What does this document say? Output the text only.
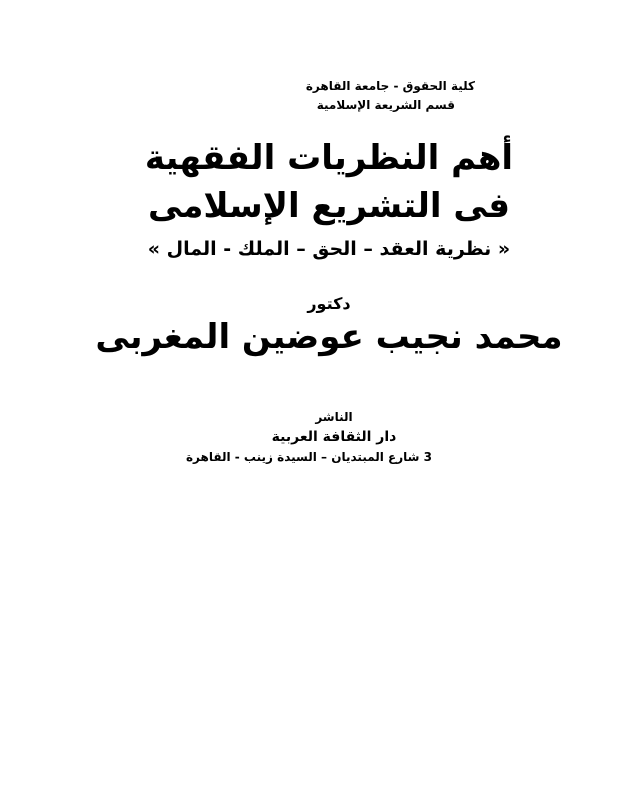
كلية الحقوق - جامعة القاهرة
قسم الشريعة الإسلامية
أهم النظريات الفقهية
فى التشريع الإسلامى
« نظرية العقد – الحق – الملك - المال »
دكتور
محمد نجيب عوضين المغربى
الناشر
دار الثقافة العربية
3 شارع المبتديان – السيدة زينب - القاهرة
